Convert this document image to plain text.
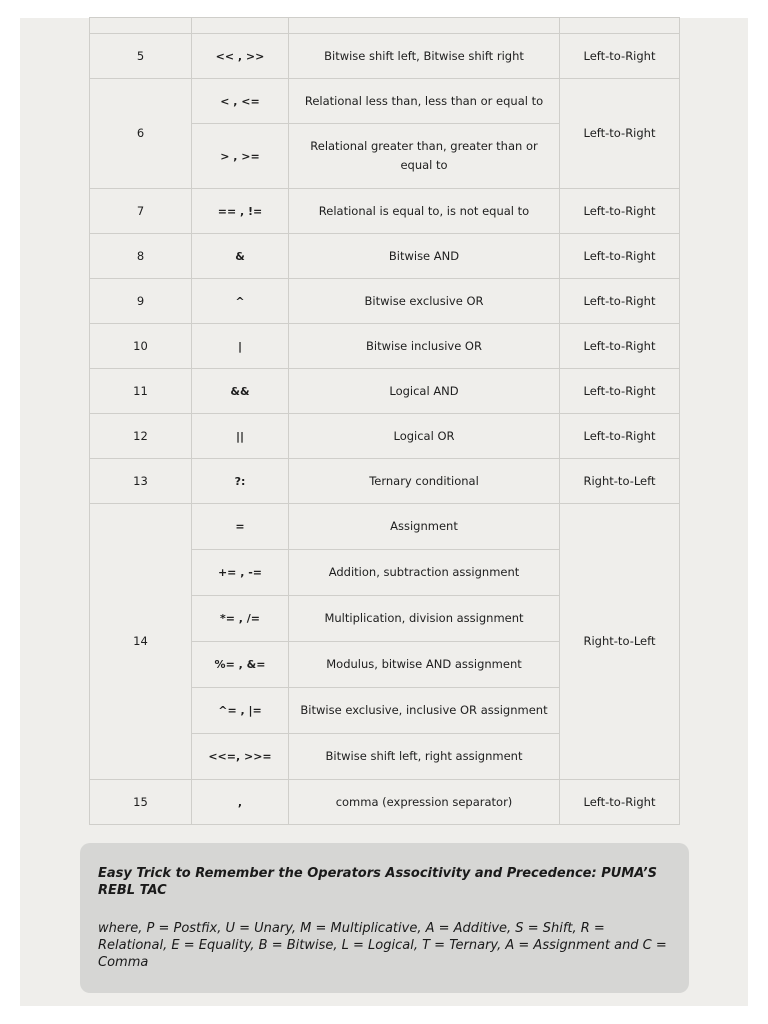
5	<< , >>	Bitwise shift left, Bitwise shift right	Left-to-Right
6	< , <=	Relational less than, less than or equal to	Left-to-Right
	> , >=	Relational greater than, greater than or equal to	
7	== , !=	Relational is equal to, is not equal to	Left-to-Right
8	&	Bitwise AND	Left-to-Right
9	^	Bitwise exclusive OR	Left-to-Right
10	|	Bitwise inclusive OR	Left-to-Right
11	&&	Logical AND	Left-to-Right
12	||	Logical OR	Left-to-Right
13	?:	Ternary conditional	Right-to-Left
14	=	Assignment	Right-to-Left
	+= , -=	Addition, subtraction assignment	
	*= , /=	Multiplication, division assignment	
	%= , &=	Modulus, bitwise AND assignment	
	^= , |=	Bitwise exclusive, inclusive OR assignment	
	<<=, >>=	Bitwise shift left, right assignment	
15	,	comma (expression separator)	Left-to-Right

Easy Trick to Remember the Operators Associtivity and Precedence: PUMA’S REBL TAC

where, P = Postfix, U = Unary, M = Multiplicative, A = Additive, S = Shift, R = Relational, E = Equality, B = Bitwise, L = Logical, T = Ternary, A = Assignment and C = Comma
